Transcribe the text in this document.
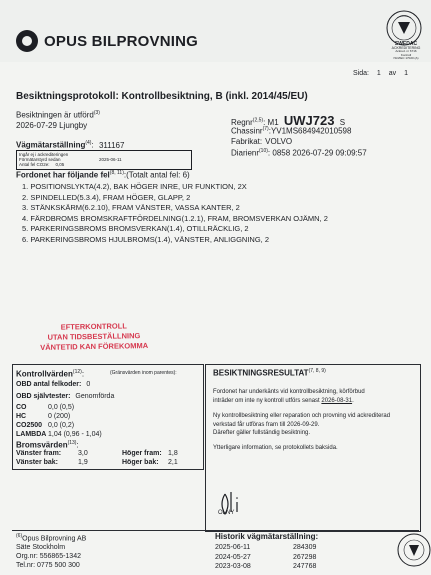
OPUS BILPROVNING	SWEDAC
ACKREDITERING
Ackred. nr 6716
Kontroll
ISO/IEC 17020 (A)
Sida: 1 av 1
Besiktningsprotokoll: Kontrollbesiktning, B (inkl. 2014/45/EU)
Besiktningen är utförd$^{(3)}$
2026-07-29 Ljungby
Vägmätarställning$^{(4)}$: 311167
Ingår ej i ackrediteringen
Förmätarstyrd sedan	2025-06-11
Antal fel CO2e: 0,05
Regnr$^{(2,5)}$: M1 UWJ723 S
Chassinr$^{(7)}$:YV1MS684942010598
Fabrikat: VOLVO
Diarienr$^{(10)}$: 0858 2026-07-29 09:09:57
Fordonet har följande fel$^{(8, 11)}$:(Totalt antal fel: 6)
1. POSITIONSLYKTA(4.2), BAK HÖGER INRE, UR FUNKTION, 2X
2. SPINDELLED(5.3.4), FRAM HÖGER, GLAPP, 2
3. STÄNKSKÄRM(6.2.10), FRAM VÄNSTER, VASSA KANTER, 2
4. FÄRDBROMS BROMSKRAFTFÖRDELNING(1.2.1), FRAM, BROMSVERKAN OJÄMN, 2
5. PARKERINGSBROMS BROMSVERKAN(1.4), OTILLRÄCKLIG, 2
6. PARKERINGSBROMS HJULBROMS(1.4), VÄNSTER, ANLIGGNING, 2
EFTERKONTROLL
UTAN TIDSBESTÄLLNING
VÄNTETID KAN FÖREKOMMA
Kontrollvärden$^{(12)}$:	(Gränsvärden inom parentes):
OBD antal felkoder: 0
OBD självtester: Genomförda
CO	0,0 (0,5)
HC	0 (200)
CO2500 0,0 (0,2)
LAMBDA 1,04 (0,96 - 1,04)
Bromsvärden$^{(13)}$:
Vänster fram: 3,0	Höger fram: 1,8
Vänster bak:	1,9	Höger bak: 2,1
BESIKTNINGSRESULTAT$^{(7, 8, 9)}$
Fordonet har underkänts vid kontrollbesiktning, körförbud
inträder om inte ny kontroll utförs senast 2026-08-31.
Ny kontrollbesiktning eller reparation och provning vid ackrediterad
verkstad får utföras fram till 2026-09-29.
Därefter gäller fullständig besiktning.
Ytterligare information, se protokollets baksida.
OLNY
$^{(6)}$Opus Bilprovning AB
Säte Stockholm
Org.nr: 556865-1342
Tel.nr: 0775 500 300
Historik vägmätarställning:
2025-06-11	284309
2024-05-27	267298
2023-03-08	247768
